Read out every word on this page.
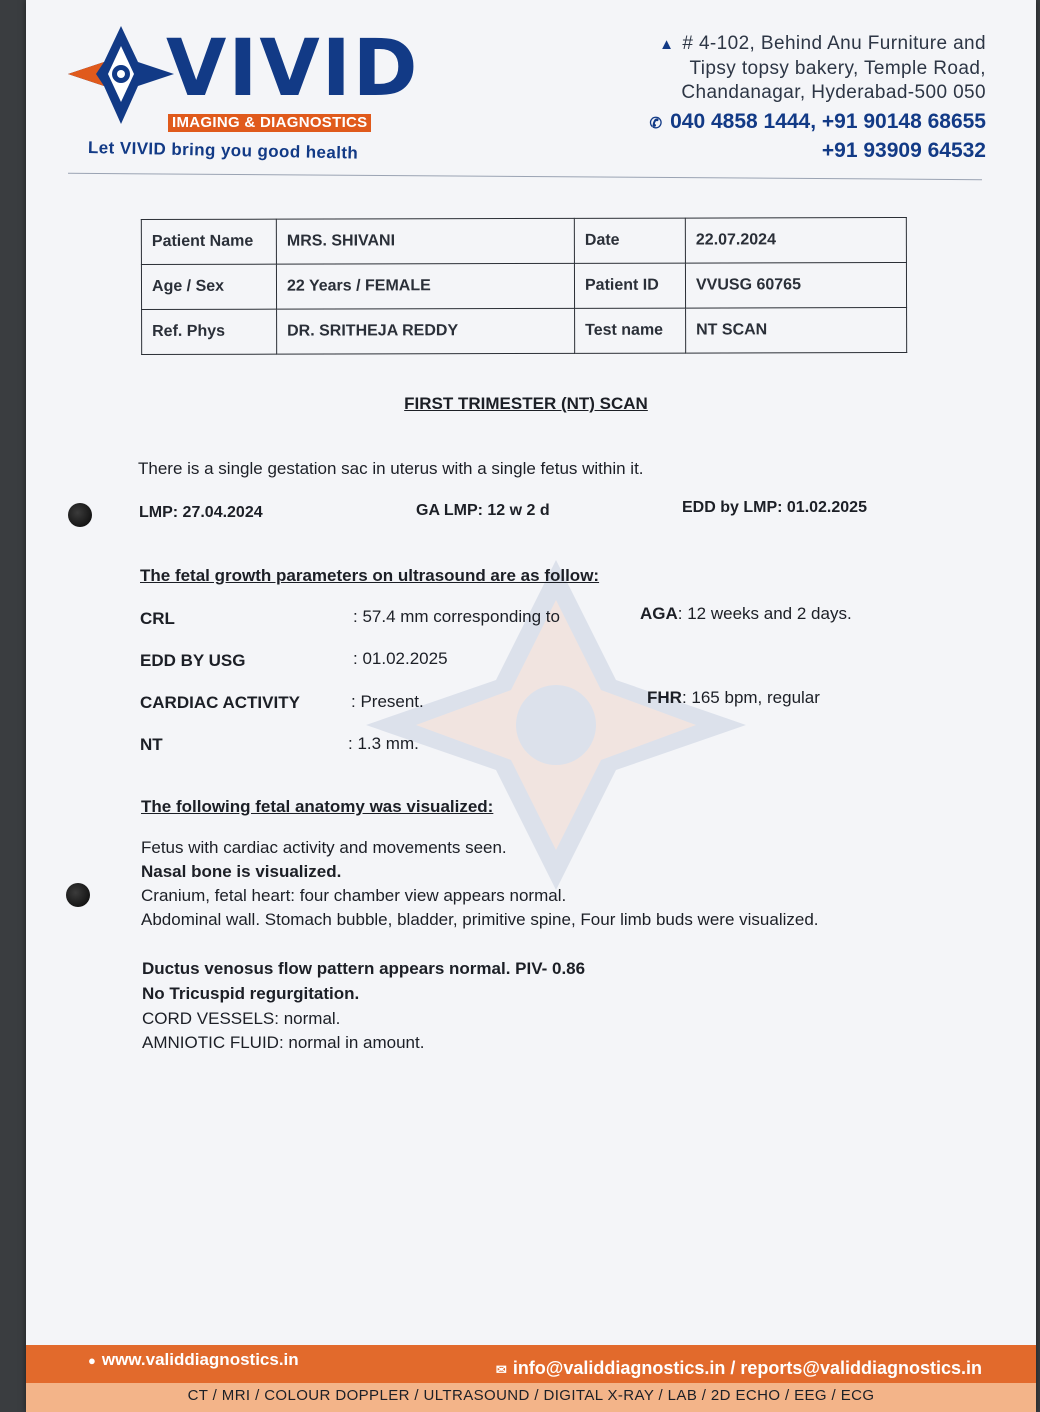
VIVID
IMAGING & DIAGNOSTICS
Let VIVID bring you good health
▲ # 4-102, Behind Anu Furniture and
Tipsy topsy bakery, Temple Road,
Chandanagar, Hyderabad-500 050
✆ 040 4858 1444, +91 90148 68655
+91 93909 64532
Patient Name	MRS. SHIVANI	Date	22.07.2024
Age / Sex	22 Years / FEMALE	Patient ID	VVUSG 60765
Ref. Phys	DR. SRITHEJA REDDY	Test name	NT SCAN
FIRST TRIMESTER (NT) SCAN
There is a single gestation sac in uterus with a single fetus within it.
LMP: 27.04.2024	GA LMP: 12 w 2 d	EDD by LMP: 01.02.2025
The fetal growth parameters on ultrasound are as follow:
CRL	: 57.4 mm corresponding to	AGA: 12 weeks and 2 days.
EDD BY USG	: 01.02.2025
CARDIAC ACTIVITY	: Present.	FHR: 165 bpm, regular
NT	: 1.3 mm.
The following fetal anatomy was visualized:
Fetus with cardiac activity and movements seen.
Nasal bone is visualized.
Cranium, fetal heart: four chamber view appears normal.
Abdominal wall. Stomach bubble, bladder, primitive spine, Four limb buds were visualized.
Ductus venosus flow pattern appears normal. PIV- 0.86
No Tricuspid regurgitation.
CORD VESSELS: normal.
AMNIOTIC FLUID: normal in amount.
● www.validdiagnostics.in
✉ info@validdiagnostics.in / reports@validdiagnostics.in
CT / MRI / COLOUR DOPPLER / ULTRASOUND / DIGITAL X-RAY / LAB / 2D ECHO / EEG / ECG
